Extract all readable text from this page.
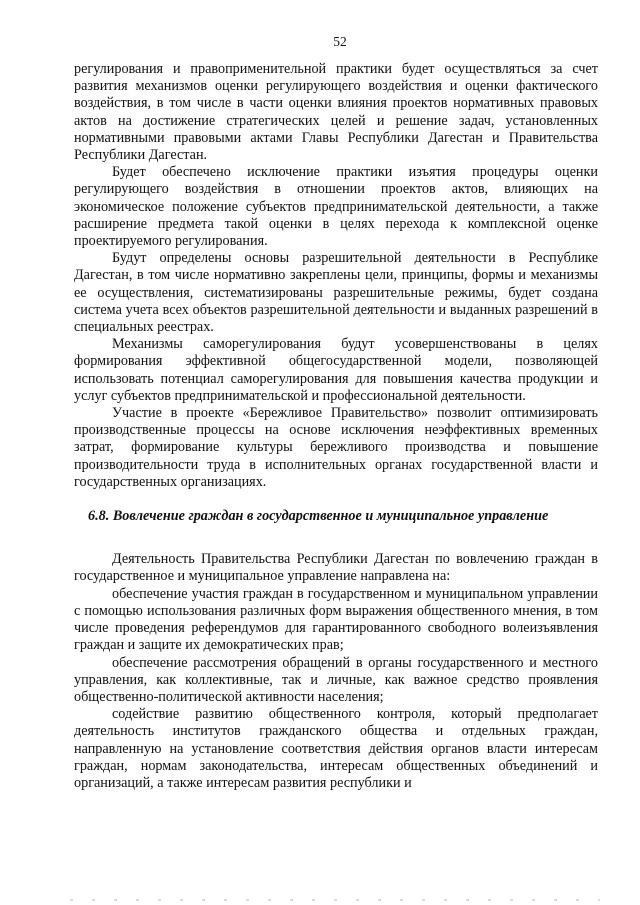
52

регулирования и правоприменительной практики будет осуществляться за счет развития механизмов оценки регулирующего воздействия и оценки фактического воздействия, в том числе в части оценки влияния проектов нормативных правовых актов на достижение стратегических целей и решение задач, установленных нормативными правовыми актами Главы Республики Дагестан и Правительства Республики Дагестан.

Будет обеспечено исключение практики изъятия процедуры оценки регулирующего воздействия в отношении проектов актов, влияющих на экономическое положение субъектов предпринимательской деятельности, а также расширение предмета такой оценки в целях перехода к комплексной оценке проектируемого регулирования.

Будут определены основы разрешительной деятельности в Республике Дагестан, в том числе нормативно закреплены цели, принципы, формы и механизмы ее осуществления, систематизированы разрешительные режимы, будет создана система учета всех объектов разрешительной деятельности и выданных разрешений в специальных реестрах.

Механизмы саморегулирования будут усовершенствованы в целях формирования эффективной общегосударственной модели, позволяющей использовать потенциал саморегулирования для повышения качества продукции и услуг субъектов предпринимательской и профессиональной деятельности.

Участие в проекте «Бережливое Правительство» позволит оптимизировать производственные процессы на основе исключения неэффективных временных затрат, формирование культуры бережливого производства и повышение производительности труда в исполнительных органах государственной власти и государственных организациях.

6.8. Вовлечение граждан в государственное и муниципальное управление

Деятельность Правительства Республики Дагестан по вовлечению граждан в государственное и муниципальное управление направлена на:

обеспечение участия граждан в государственном и муниципальном управлении с помощью использования различных форм выражения общественного мнения, в том числе проведения референдумов для гарантированного свободного волеизъявления граждан и защите их демократических прав;

обеспечение рассмотрения обращений в органы государственного и местного управления, как коллективные, так и личные, как важное средство проявления общественно-политической активности населения;

содействие развитию общественного контроля, который предполагает деятельность институтов гражданского общества и отдельных граждан, направленную на установление соответствия действия органов власти интересам граждан, нормам законодательства, интересам общественных объединений и организаций, а также интересам развития республики и
